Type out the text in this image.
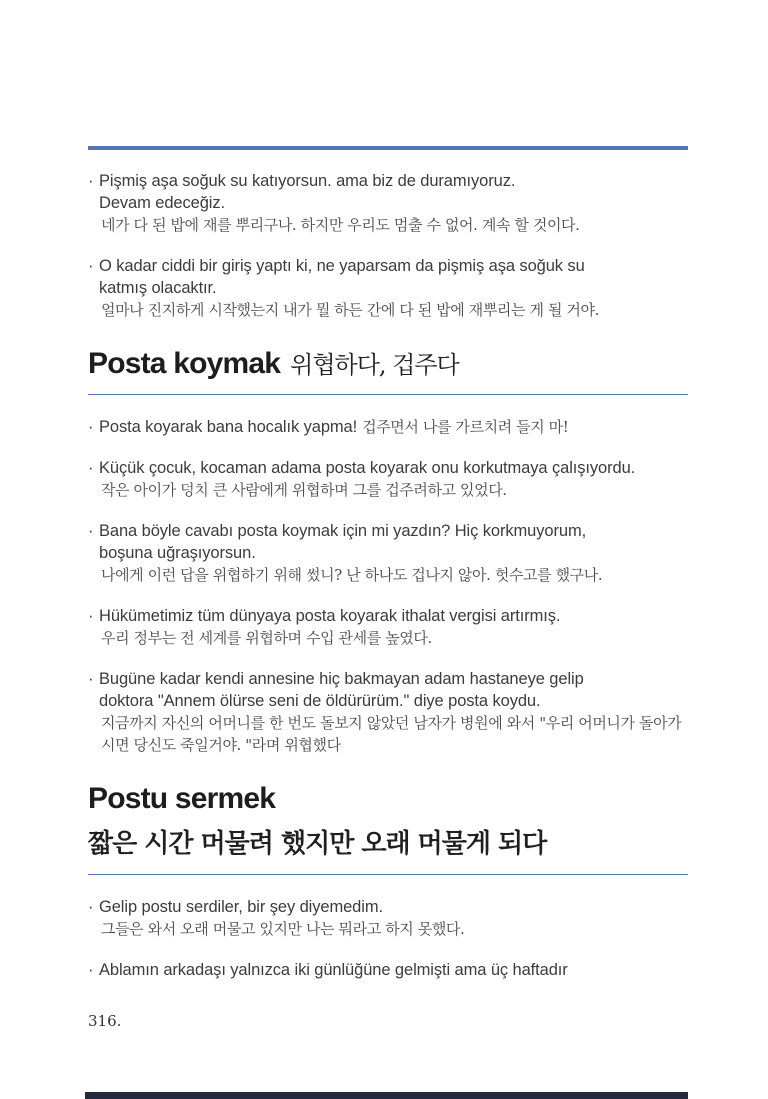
· Pişmiş aşa soğuk su katıyorsun. ama biz de duramıyoruz.
Devam edeceğiz.
네가 다 된 밥에 재를 뿌리구나. 하지만 우리도 멈출 수 없어. 계속 할 것이다.
· O kadar ciddi bir giriş yaptı ki, ne yaparsam da pişmiş aşa soğuk su
katmış olacaktır.
얼마나 진지하게 시작했는지 내가 뭘 하든 간에 다 된 밥에 재뿌리는 게 될 거야.
Posta koymak 위협하다, 겁주다
· Posta koyarak bana hocalık yapma! 겁주면서 나를 가르치려 들지 마!
· Küçük çocuk, kocaman adama posta koyarak onu korkutmaya çalışıyordu.
작은 아이가 덩치 큰 사람에게 위협하며 그를 겁주려하고 있었다.
· Bana böyle cavabı posta koymak için mi yazdın? Hiç korkmuyorum,
boşuna uğraşıyorsun.
나에게 이런 답을 위협하기 위해 썼니? 난 하나도 겁나지 않아. 헛수고를 했구나.
· Hükümetimiz tüm dünyaya posta koyarak ithalat vergisi artırmış.
우리 정부는 전 세계를 위협하며 수입 관세를 높였다.
· Bugüne kadar kendi annesine hiç bakmayan adam hastaneye gelip
doktora "Annem ölürse seni de öldürürüm." diye posta koydu.
지금까지 자신의 어머니를 한 번도 돌보지 않았던 남자가 병원에 와서 "우리 어머니가 돌아가
시면 당신도 죽일거야. "라며 위협했다
Postu sermek
짧은 시간 머물려 했지만 오래 머물게 되다
· Gelip postu serdiler, bir şey diyemedim.
그들은 와서 오래 머물고 있지만 나는 뭐라고 하지 못했다.
· Ablamın arkadaşı yalnızca iki günlüğüne gelmişti ama üç haftadır
316.
